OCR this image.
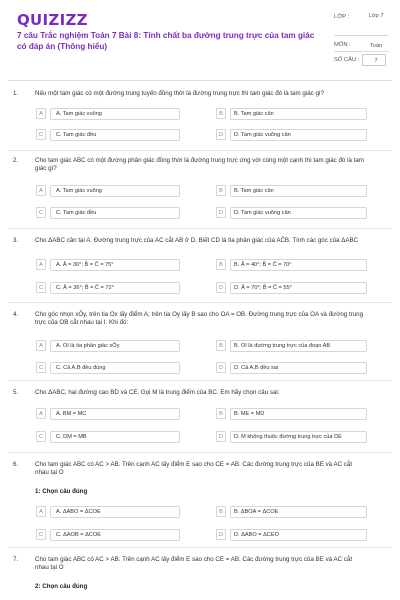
QUIZIZZ
7 câu Trắc nghiệm Toán 7 Bài 8: Tính chất ba đường trung trực của tam giác có đáp án (Thông hiểu)
LỚP :	Lớp 7
MÔN :	Toán
SỐ CÂU :	7
1.	Nếu một tam giác có một đường trung tuyến đồng thời là đường trung trực thì tam giác đó là tam giác gì?
A	A. Tam giác vuông	B	B. Tam giác cân
C	C. Tam giác đều	D	D. Tam giác vuông cân
2.	Cho tam giác ABC có một đường phân giác đồng thời là đường trung trực ứng với cùng một cạnh thì tam giác đó là tam giác gì?
A	A. Tam giác vuông	B	B. Tam giác cân
C	C. Tam giác đều	D	D. Tam giác vuông cân
3.	Cho ΔABC cân tại A. Đường trung trực của AC cắt AB ở D. Biết CD là tia phân giác của AĈB. Tính các góc của ΔABC
A	A. Â = 30°; B̂ = Ĉ = 75°	B	B. Â = 40°; B̂ = Ĉ = 70°
C	C. Â = 36°; B̂ = Ĉ = 72°	D	D. Â = 70°; B̂ = Ĉ = 55°
4.	Cho góc nhọn xÔy, trên tia Ox lấy điểm A; trên tia Oy lấy B sao cho OA = OB. Đường trung trực của OA và đường trung trực của OB cắt nhau tại I. Khi đó:
A	A. OI là tia phân giác xÔy	B	B. OI là đường trung trực của đoạn AB
C	C. Cả A,B đều đúng	D	D. Cả A,B đều sai
5.	Cho ΔABC, hai đường cao BD và CE. Gọi M là trung điểm của BC. Em hãy chọn câu sai:
A	A. BM = MC	B	B. ME = MD
C	C. DM = MB	D	D. M không thuộc đường trung trực của DE
6.	Cho tam giác ABC có AC > AB. Trên cạnh AC lấy điểm E sao cho CE = AB. Các đường trung trực của BE và AC cắt nhau tại O
1: Chọn câu đúng
A	A. ΔABO = ΔCOE	B	B. ΔBOA = ΔCOE
C	C. ΔAOB = ΔCOE	D	D. ΔABO = ΔCEO
7.	Cho tam giác ABC có AC > AB. Trên cạnh AC lấy điểm E sao cho CE = AB. Các đường trung trực của BE và AC cắt nhau tại O
2: Chọn câu đúng
